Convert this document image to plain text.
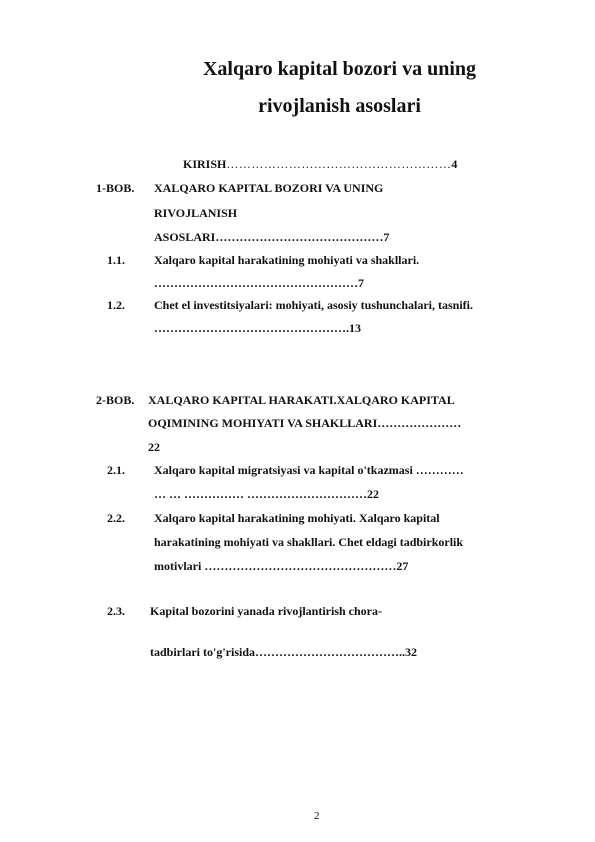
Xalqaro kapital bozori va uning
rivojlanish asoslari
KIRISH………………………………………………4
1-BOB. XALQARO KAPITAL BOZORI VA UNING
RIVOJLANISH
ASOSLARI……………………………………7
1.1. Xalqaro kapital harakatining mohiyati va shakllari.
……………………………………………7
1.2. Chet el investitsiyalari: mohiyati, asosiy tushunchalari, tasnifi.
………………………………………….13
2-BOB. XALQARO KAPITAL HARAKATI.XALQARO KAPITAL
OQIMINING MOHIYATI VA SHAKLLARI…………………
22
2.1. Xalqaro kapital migratsiyasi va kapital o'tkazmasi …………
… … …………… …………………………22
2.2. Xalqaro kapital harakatining mohiyati. Xalqaro kapital
harakatining mohiyati va shakllari. Chet eldagi tadbirkorlik
motivlari …………………………………………27
2.3. Kapital bozorini yanada rivojlantirish chora-
tadbirlari to'g'risida………………………………..32
2
